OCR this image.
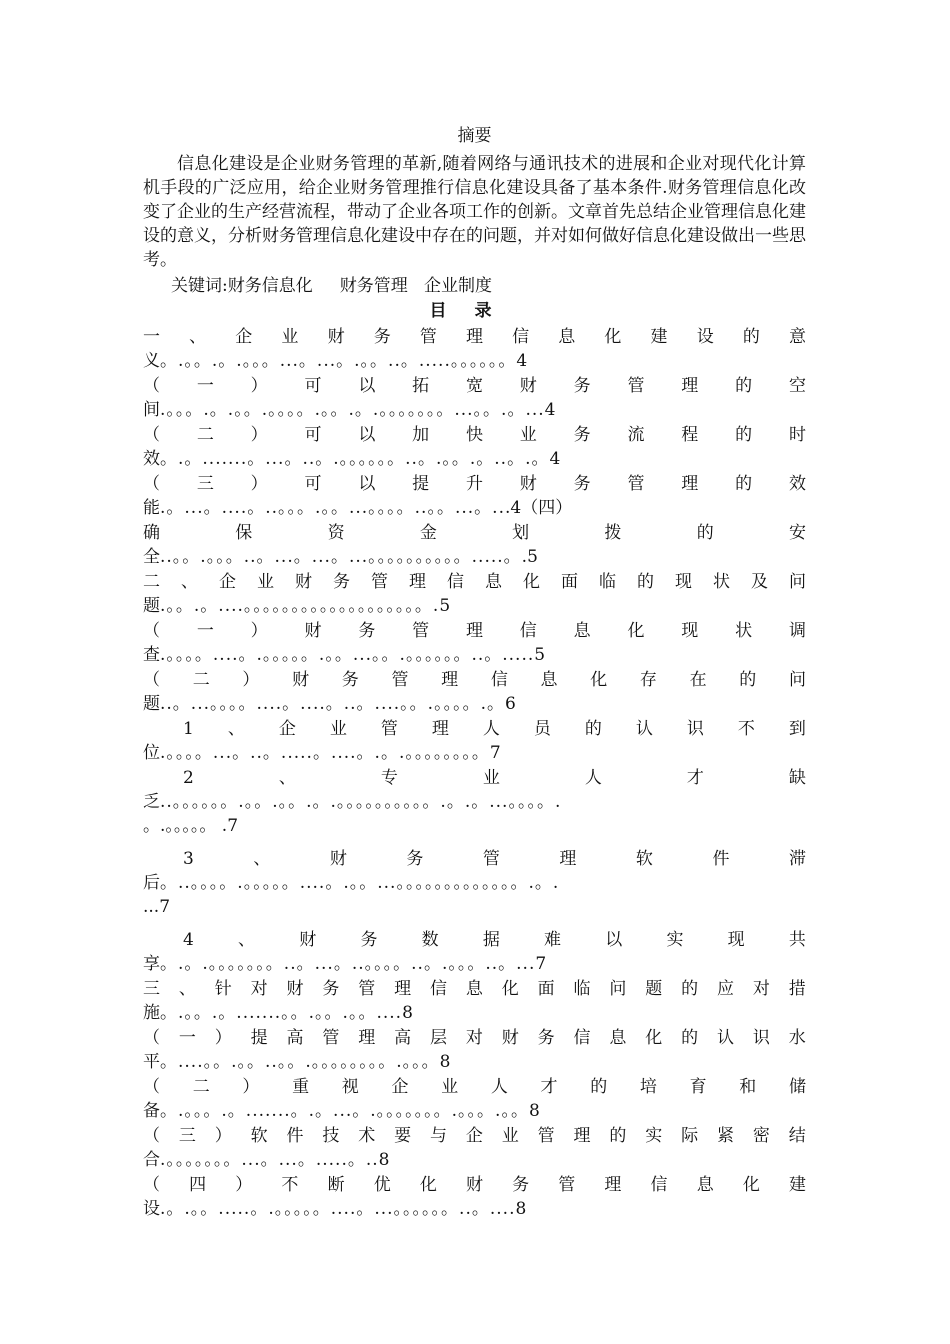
摘要

信息化建设是企业财务管理的革新,随着网络与通讯技术的进展和企业对现代化计算机手段的广泛应用，给企业财务管理推行信息化建设具备了基本条件.财务管理信息化改变了企业的生产经营流程，带动了企业各项工作的创新。文章首先总结企业管理信息化建设的意义，分析财务管理信息化建设中存在的问题，并对如何做好信息化建设做出一些思考。

关键词:财务信息化     财务管理   企业制度

目录
一 、 企 业 财 务 管 理 信 息 化 建 设 的 意
义。.。。.。.。。。...。...。.。。..。.....。。。。。。4
（ 一 ） 可 以 拓 宽 财 务 管 理 的 空
间.。。。.。.。。.。。。。.。。.。.。。。。。。。...。。.。...4
（ 二 ） 可 以 加 快 业 务 流 程 的 时
效。.。.......。...。..。.。。。。。。..。.。。.。..。.。4
（ 三 ） 可 以 提 升 财 务 管 理 的 效
能.。...。....。..。。。.。。...。。。。..。。...。...4（四）
确	保	资	金	划	拨	的	安
全..。。.。。。..。...。...。...。。。。。。。。。。.....。.5
二 、 企 业 财 务 管 理 信 息 化 面 临 的 现 状 及 问
题.。。.。....。。。。。。。。。。。。。。。。。。。.5
（ 一 ） 财 务 管 理 信 息 化 现 状 调
查.。。。。....。.。。。。。.。。...。。.。。。。。。..。.....5
（ 二 ） 财 务 管 理 信 息 化 存 在 的 问
题..。...。。。。....。....。..。....。。.。。。。.。6
1 、 企 业 管 理 人 员 的 认 识 不 到
位.。。。。...。..。.....。....。.。.。。。。。。。。7
2	、	专	业	人	才	缺
乏..。。。。。。.。。.。。.。.。。。。。。。。。。.。.。...。。。。.
。.。。。。。 .7
3	、	财	务	管	理	软	件	滞
后。..。。。。.。。。。。....。.。。...。。。。。。。。。。。。。.。.
...7
4	、	财	务	数	据	难	以	实	现	共
享。.。.。。。。。。。..。...。..。。。。..。.。。。..。...7
三 、 针 对 财 务 管 理 信 息 化 面 临 问 题 的 应 对 措
施。.。。.。.......。。.。。.。。....8
（ 一 ） 提 高 管 理 高 层 对 财 务 信 息 化 的 认 识 水
平。....。。.。。..。。.。。。。。。。。.。。。8
（ 二 ） 重 视 企 业 人 才 的 培 育 和 储
备。.。。。.。.......。.。...。.。。。。。。。.。。。.。。8
（ 三 ） 软 件 技 术 要 与 企 业 管 理 的 实 际 紧 密 结
合.。。。。。。。...。...。.....。..8
（ 四 ） 不 断 优 化 财 务 管 理 信 息 化 建
设.。.。。.....。.。。。。。....。...。。。。。。..。....8
